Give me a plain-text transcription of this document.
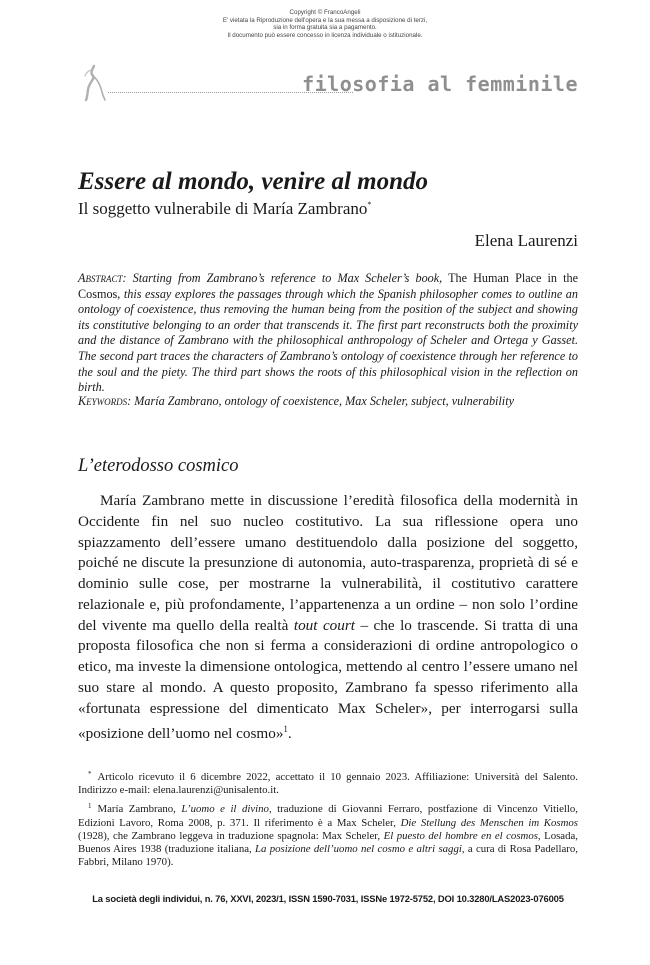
Copyright © FrancoAngeli
E' vietata la Riproduzione dell'opera e la sua messa a disposizione di terzi,
sia in forma gratuita sia a pagamento.
Il documento può essere concesso in licenza individuale o istituzionale.
filosofia al femminile
Essere al mondo, venire al mondo
Il soggetto vulnerabile di María Zambrano*
Elena Laurenzi
Abstract: Starting from Zambrano’s reference to Max Scheler’s book, The Human Place in the Cosmos, this essay explores the passages through which the Spanish philosopher comes to outline an ontology of coexistence, thus removing the human being from the position of the subject and showing its constitutive belonging to an order that transcends it. The first part reconstructs both the proximity and the distance of Zambrano with the philosophical anthropology of Scheler and Ortega y Gasset. The second part traces the characters of Zambrano’s ontology of coexistence through her reference to the soul and the piety. The third part shows the roots of this philosophical vision in the reflection on birth.
Keywords: María Zambrano, ontology of coexistence, Max Scheler, subject, vulnerability
L’eterodosso cosmico
María Zambrano mette in discussione l’eredità filosofica della modernità in Occidente fin nel suo nucleo costitutivo. La sua riflessione opera uno spiazzamento dell’essere umano destituendolo dalla posizione del soggetto, poiché ne discute la presunzione di autonomia, auto-trasparenza, proprietà di sé e dominio sulle cose, per mostrarne la vulnerabilità, il costitutivo carattere relazionale e, più profondamente, l’appartenenza a un ordine – non solo l’ordine del vivente ma quello della realtà tout court – che lo trascende. Si tratta di una proposta filosofica che non si ferma a considerazioni di ordine antropologico o etico, ma investe la dimensione ontologica, mettendo al centro l’essere umano nel suo stare al mondo. A questo proposito, Zambrano fa spesso riferimento alla «fortunata espressione del dimenticato Max Scheler», per interrogarsi sulla «posizione dell’uomo nel cosmo»$^1$.
* Articolo ricevuto il 6 dicembre 2022, accettato il 10 gennaio 2023. Affiliazione: Università del Salento. Indirizzo e-mail: elena.laurenzi@unisalento.it.
$^1$ María Zambrano, L’uomo e il divino, traduzione di Giovanni Ferraro, postfazione di Vincenzo Vitiello, Edizioni Lavoro, Roma 2008, p. 371. Il riferimento è a Max Scheler, Die Stellung des Menschen im Kosmos (1928), che Zambrano leggeva in traduzione spagnola: Max Scheler, El puesto del hombre en el cosmos, Losada, Buenos Aires 1938 (traduzione italiana, La posizione dell’uomo nel cosmo e altri saggi, a cura di Rosa Padellaro, Fabbri, Milano 1970).
La società degli individui, n. 76, XXVI, 2023/1, ISSN 1590-7031, ISSNe 1972-5752, DOI 10.3280/LAS2023-076005
